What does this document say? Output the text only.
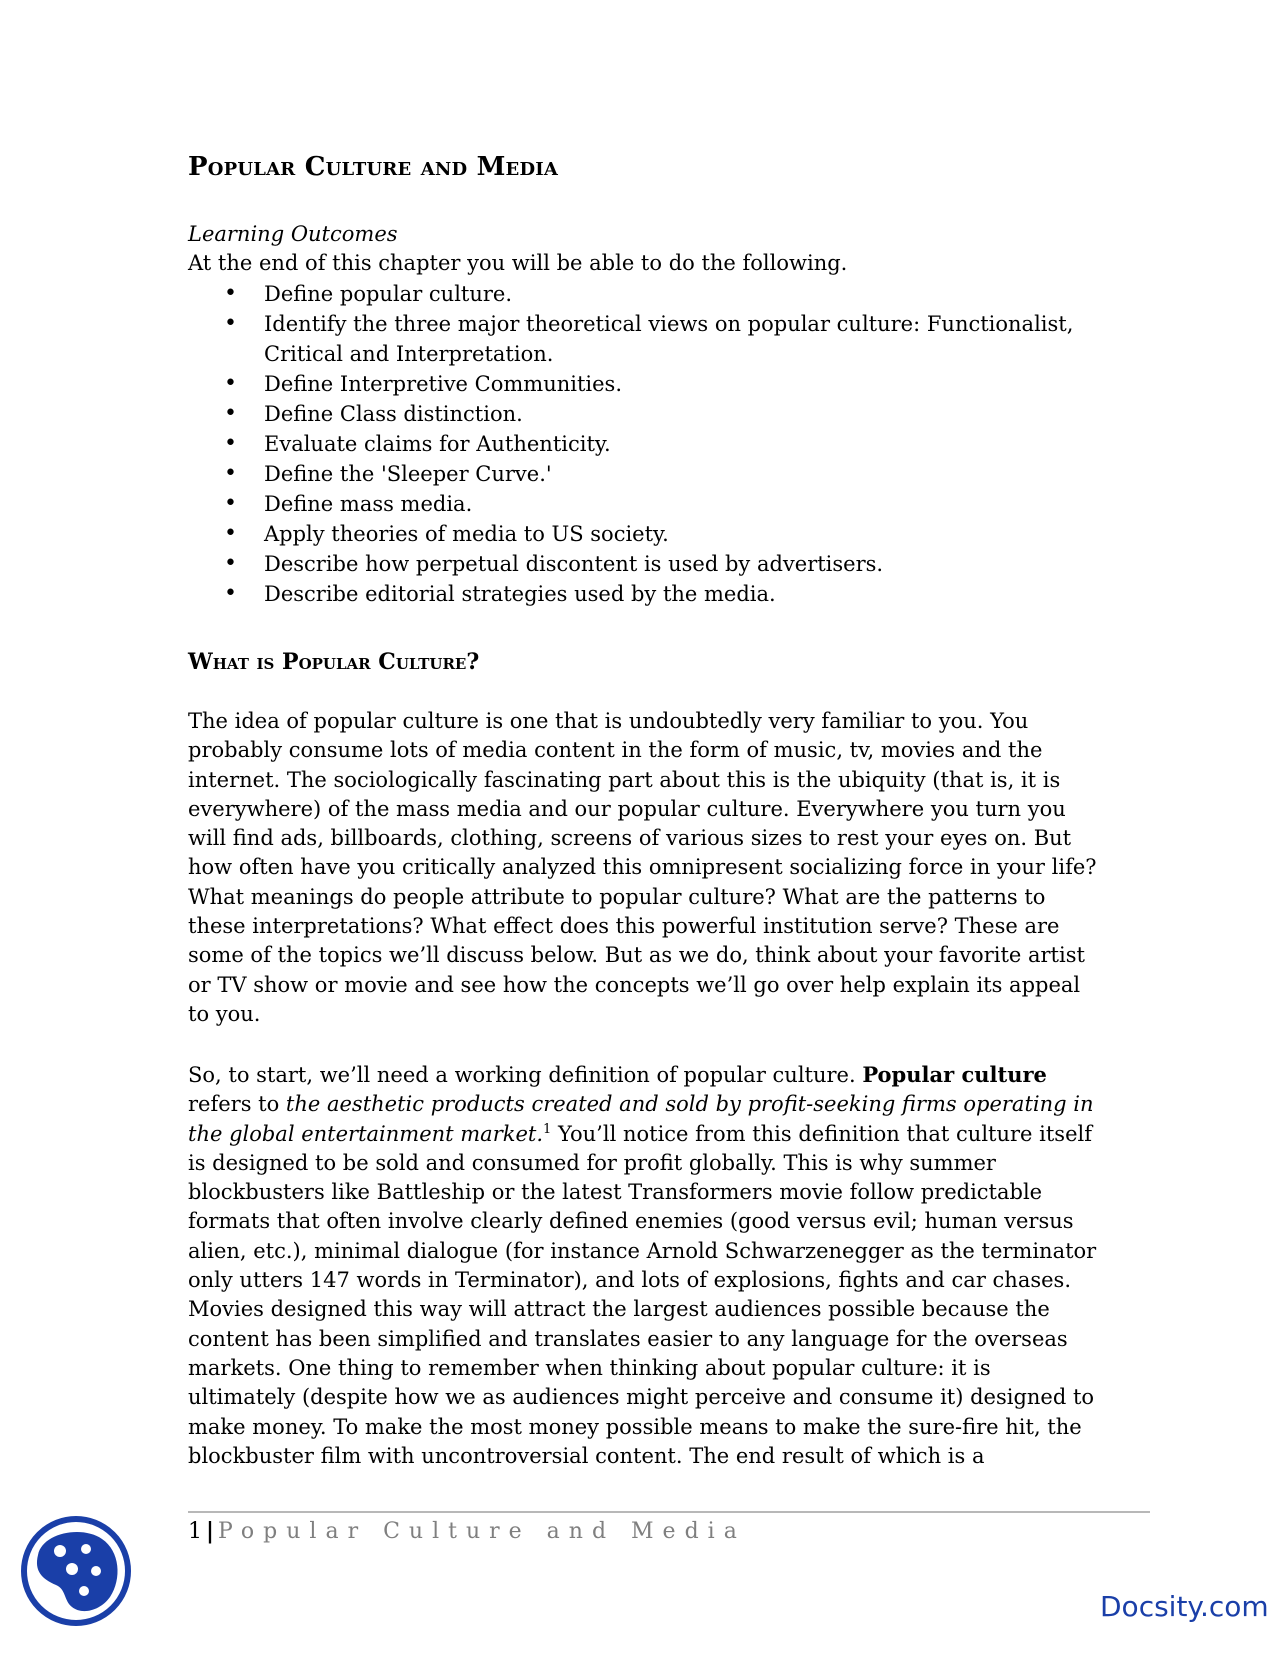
Popular Culture and Media

Learning Outcomes

At the end of this chapter you will be able to do the following.

• Define popular culture.
• Identify the three major theoretical views on popular culture: Functionalist, Critical and Interpretation.
• Define Interpretive Communities.
• Define Class distinction.
• Evaluate claims for Authenticity.
• Define the 'Sleeper Curve.'
• Define mass media.
• Apply theories of media to US society.
• Describe how perpetual discontent is used by advertisers.
• Describe editorial strategies used by the media.
What is Popular Culture?

The idea of popular culture is one that is undoubtedly very familiar to you. You probably consume lots of media content in the form of music, tv, movies and the internet. The sociologically fascinating part about this is the ubiquity (that is, it is everywhere) of the mass media and our popular culture. Everywhere you turn you will find ads, billboards, clothing, screens of various sizes to rest your eyes on. But how often have you critically analyzed this omnipresent socializing force in your life? What meanings do people attribute to popular culture? What are the patterns to these interpretations? What effect does this powerful institution serve? These are some of the topics we’ll discuss below. But as we do, think about your favorite artist or TV show or movie and see how the concepts we’ll go over help explain its appeal to you.

So, to start, we’ll need a working definition of popular culture. Popular culture refers to the aesthetic products created and sold by profit-seeking firms operating in the global entertainment market.$^1$ You’ll notice from this definition that culture itself is designed to be sold and consumed for profit globally. This is why summer blockbusters like Battleship or the latest Transformers movie follow predictable formats that often involve clearly defined enemies (good versus evil; human versus alien, etc.), minimal dialogue (for instance Arnold Schwarzenegger as the terminator only utters 147 words in Terminator), and lots of explosions, fights and car chases. Movies designed this way will attract the largest audiences possible because the content has been simplified and translates easier to any language for the overseas markets. One thing to remember when thinking about popular culture: it is ultimately (despite how we as audiences might perceive and consume it) designed to make money. To make the most money possible means to make the sure-fire hit, the blockbuster film with uncontroversial content. The end result of which is a

1 | Popular Culture and Media

Docsity.com
